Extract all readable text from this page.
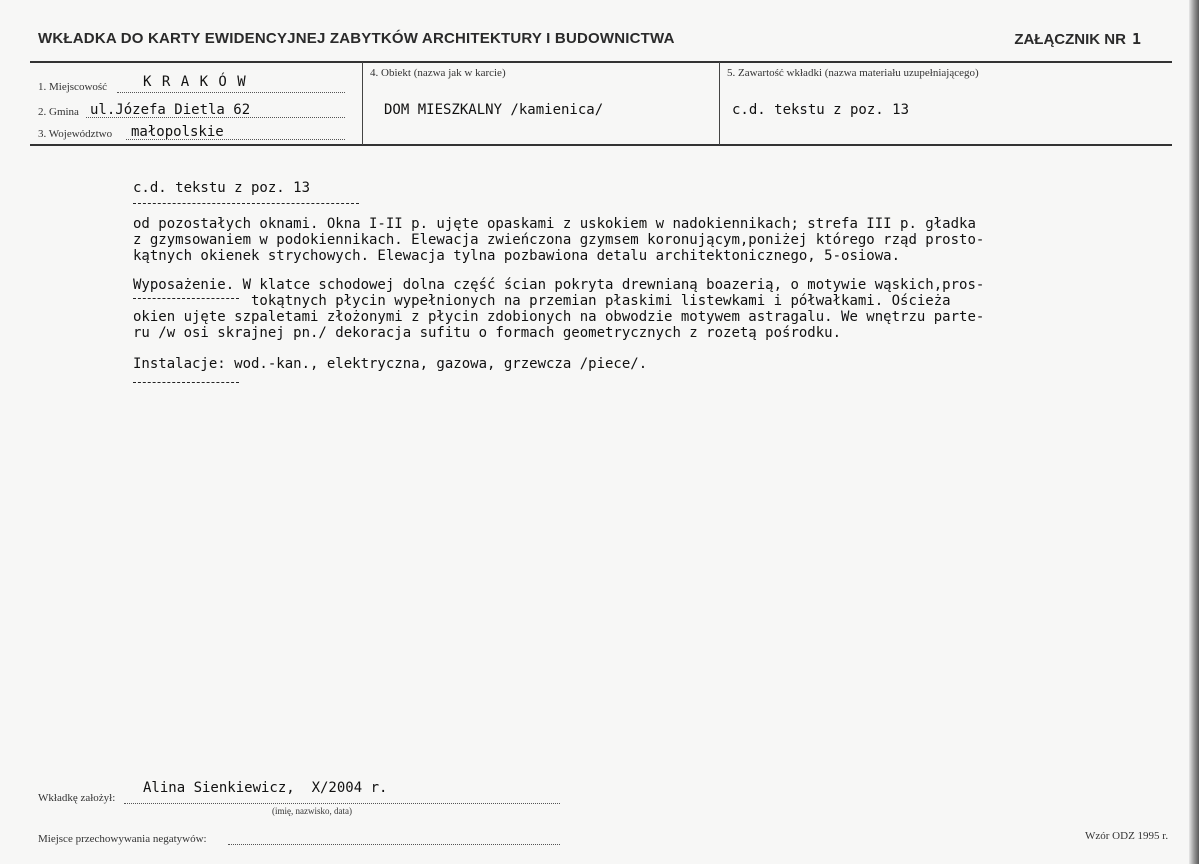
WKŁADKA DO KARTY EWIDENCYJNEJ ZABYTKÓW ARCHITEKTURY I BUDOWNICTWA	ZAŁĄCZNIK NR 1
1. Miejscowość	K R A K Ó W
2. Gmina ul.Józefa Dietla 62
3. Województwo małopolskie
4. Obiekt (nazwa jak w karcie)
DOM MIESZKALNY /kamienica/
5. Zawartość wkładki (nazwa materiału uzupełniającego)
c.d. tekstu z poz. 13
c.d. tekstu z poz. 13
od pozostałych oknami. Okna I-II p. ujęte opaskami z uskokiem w nadokiennikach; strefa III p. gładka
z gzymsowaniem w podokiennikach. Elewacja zwieńczona gzymsem koronującym,poniżej którego rząd prosto-
kątnych okienek strychowych. Elewacja tylna pozbawiona detalu architektonicznego, 5-osiowa.
Wyposażenie. W klatce schodowej dolna część ścian pokryta drewnianą boazerią, o motywie wąskich,pros-
tokątnych płycin wypełnionych na przemian płaskimi listewkami i półwałkami. Ościeża
okien ujęte szpaletami złożonymi z płycin zdobionych na obwodzie motywem astragalu. We wnętrzu parte-
ru /w osi skrajnej pn./ dekoracja sufitu o formach geometrycznych z rozetą pośrodku.
Instalacje: wod.-kan., elektryczna, gazowa, grzewcza /piece/.
Wkładkę założył:
Alina Sienkiewicz,  X/2004 r.
(imię, nazwisko, data)
Miejsce przechowywania negatywów:	Wzór ODZ 1995 r.
